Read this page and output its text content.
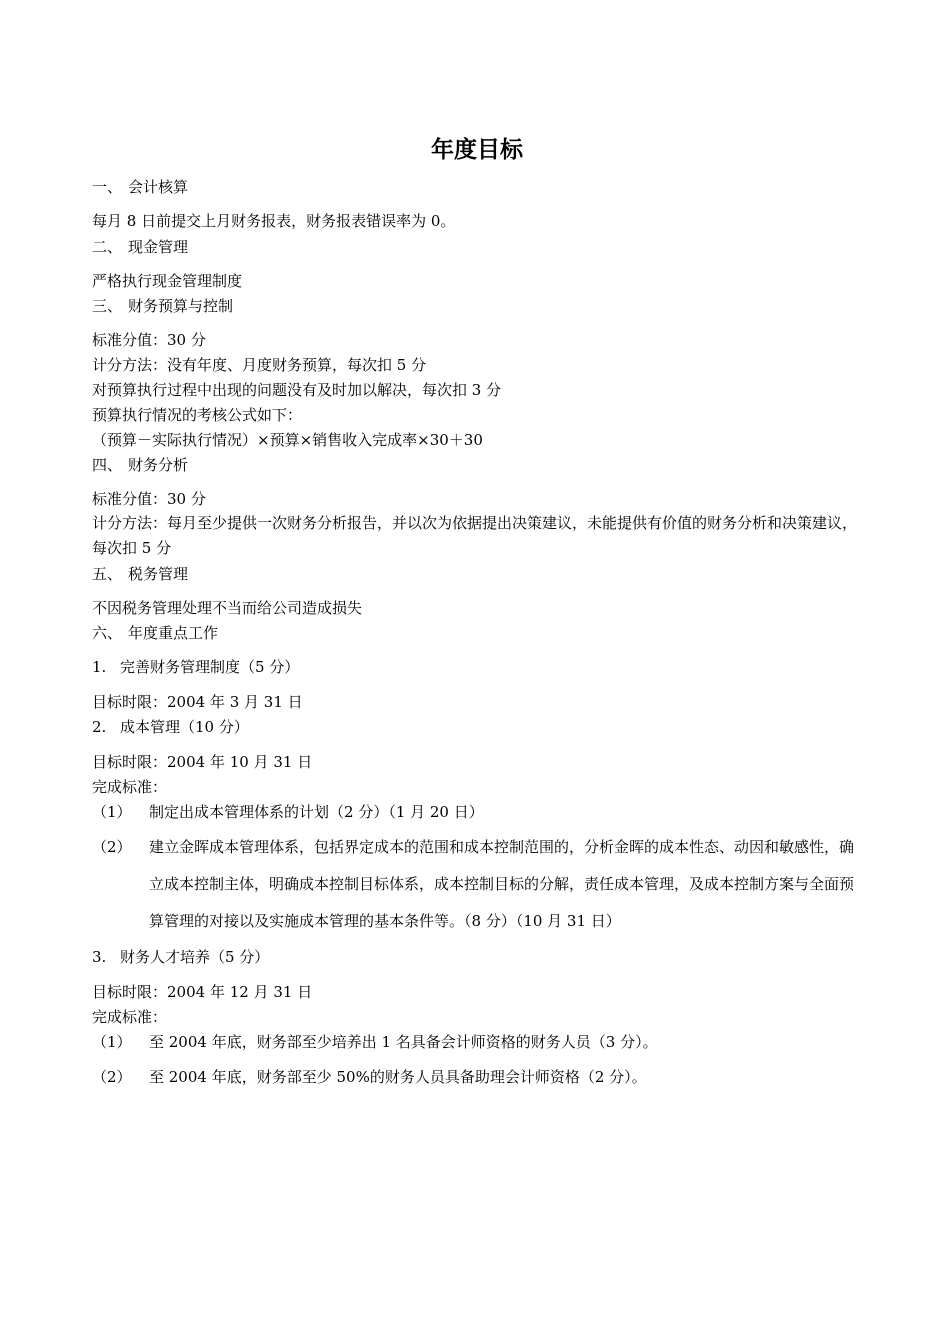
年度目标
一、 会计核算
每月 8 日前提交上月财务报表，财务报表错误率为 0。
二、 现金管理
严格执行现金管理制度
三、 财务预算与控制
标准分值：30 分
计分方法：没有年度、月度财务预算，每次扣 5 分
对预算执行过程中出现的问题没有及时加以解决，每次扣 3 分
预算执行情况的考核公式如下：
（预算－实际执行情况）×预算×销售收入完成率×30＋30
四、 财务分析
标准分值：30 分
计分方法：每月至少提供一次财务分析报告，并以次为依据提出决策建议，未能提供有价值的财务分析和决策建议，每次扣 5 分
五、 税务管理
不因税务管理处理不当而给公司造成损失
六、 年度重点工作
1. 完善财务管理制度（5 分）
目标时限：2004 年 3 月 31 日
2. 成本管理（10 分）
目标时限：2004 年 10 月 31 日
完成标准：
（1） 制定出成本管理体系的计划（2 分）（1 月 20 日）
（2） 建立金晖成本管理体系，包括界定成本的范围和成本控制范围的，分析金晖的成本性态、动因和敏感性，确立成本控制主体，明确成本控制目标体系，成本控制目标的分解，责任成本管理，及成本控制方案与全面预算管理的对接以及实施成本管理的基本条件等。（8 分）（10 月 31 日）
3. 财务人才培养（5 分）
目标时限：2004 年 12 月 31 日
完成标准：
（1） 至 2004 年底，财务部至少培养出 1 名具备会计师资格的财务人员（3 分）。
（2） 至 2004 年底，财务部至少 50%的财务人员具备助理会计师资格（2 分）。
